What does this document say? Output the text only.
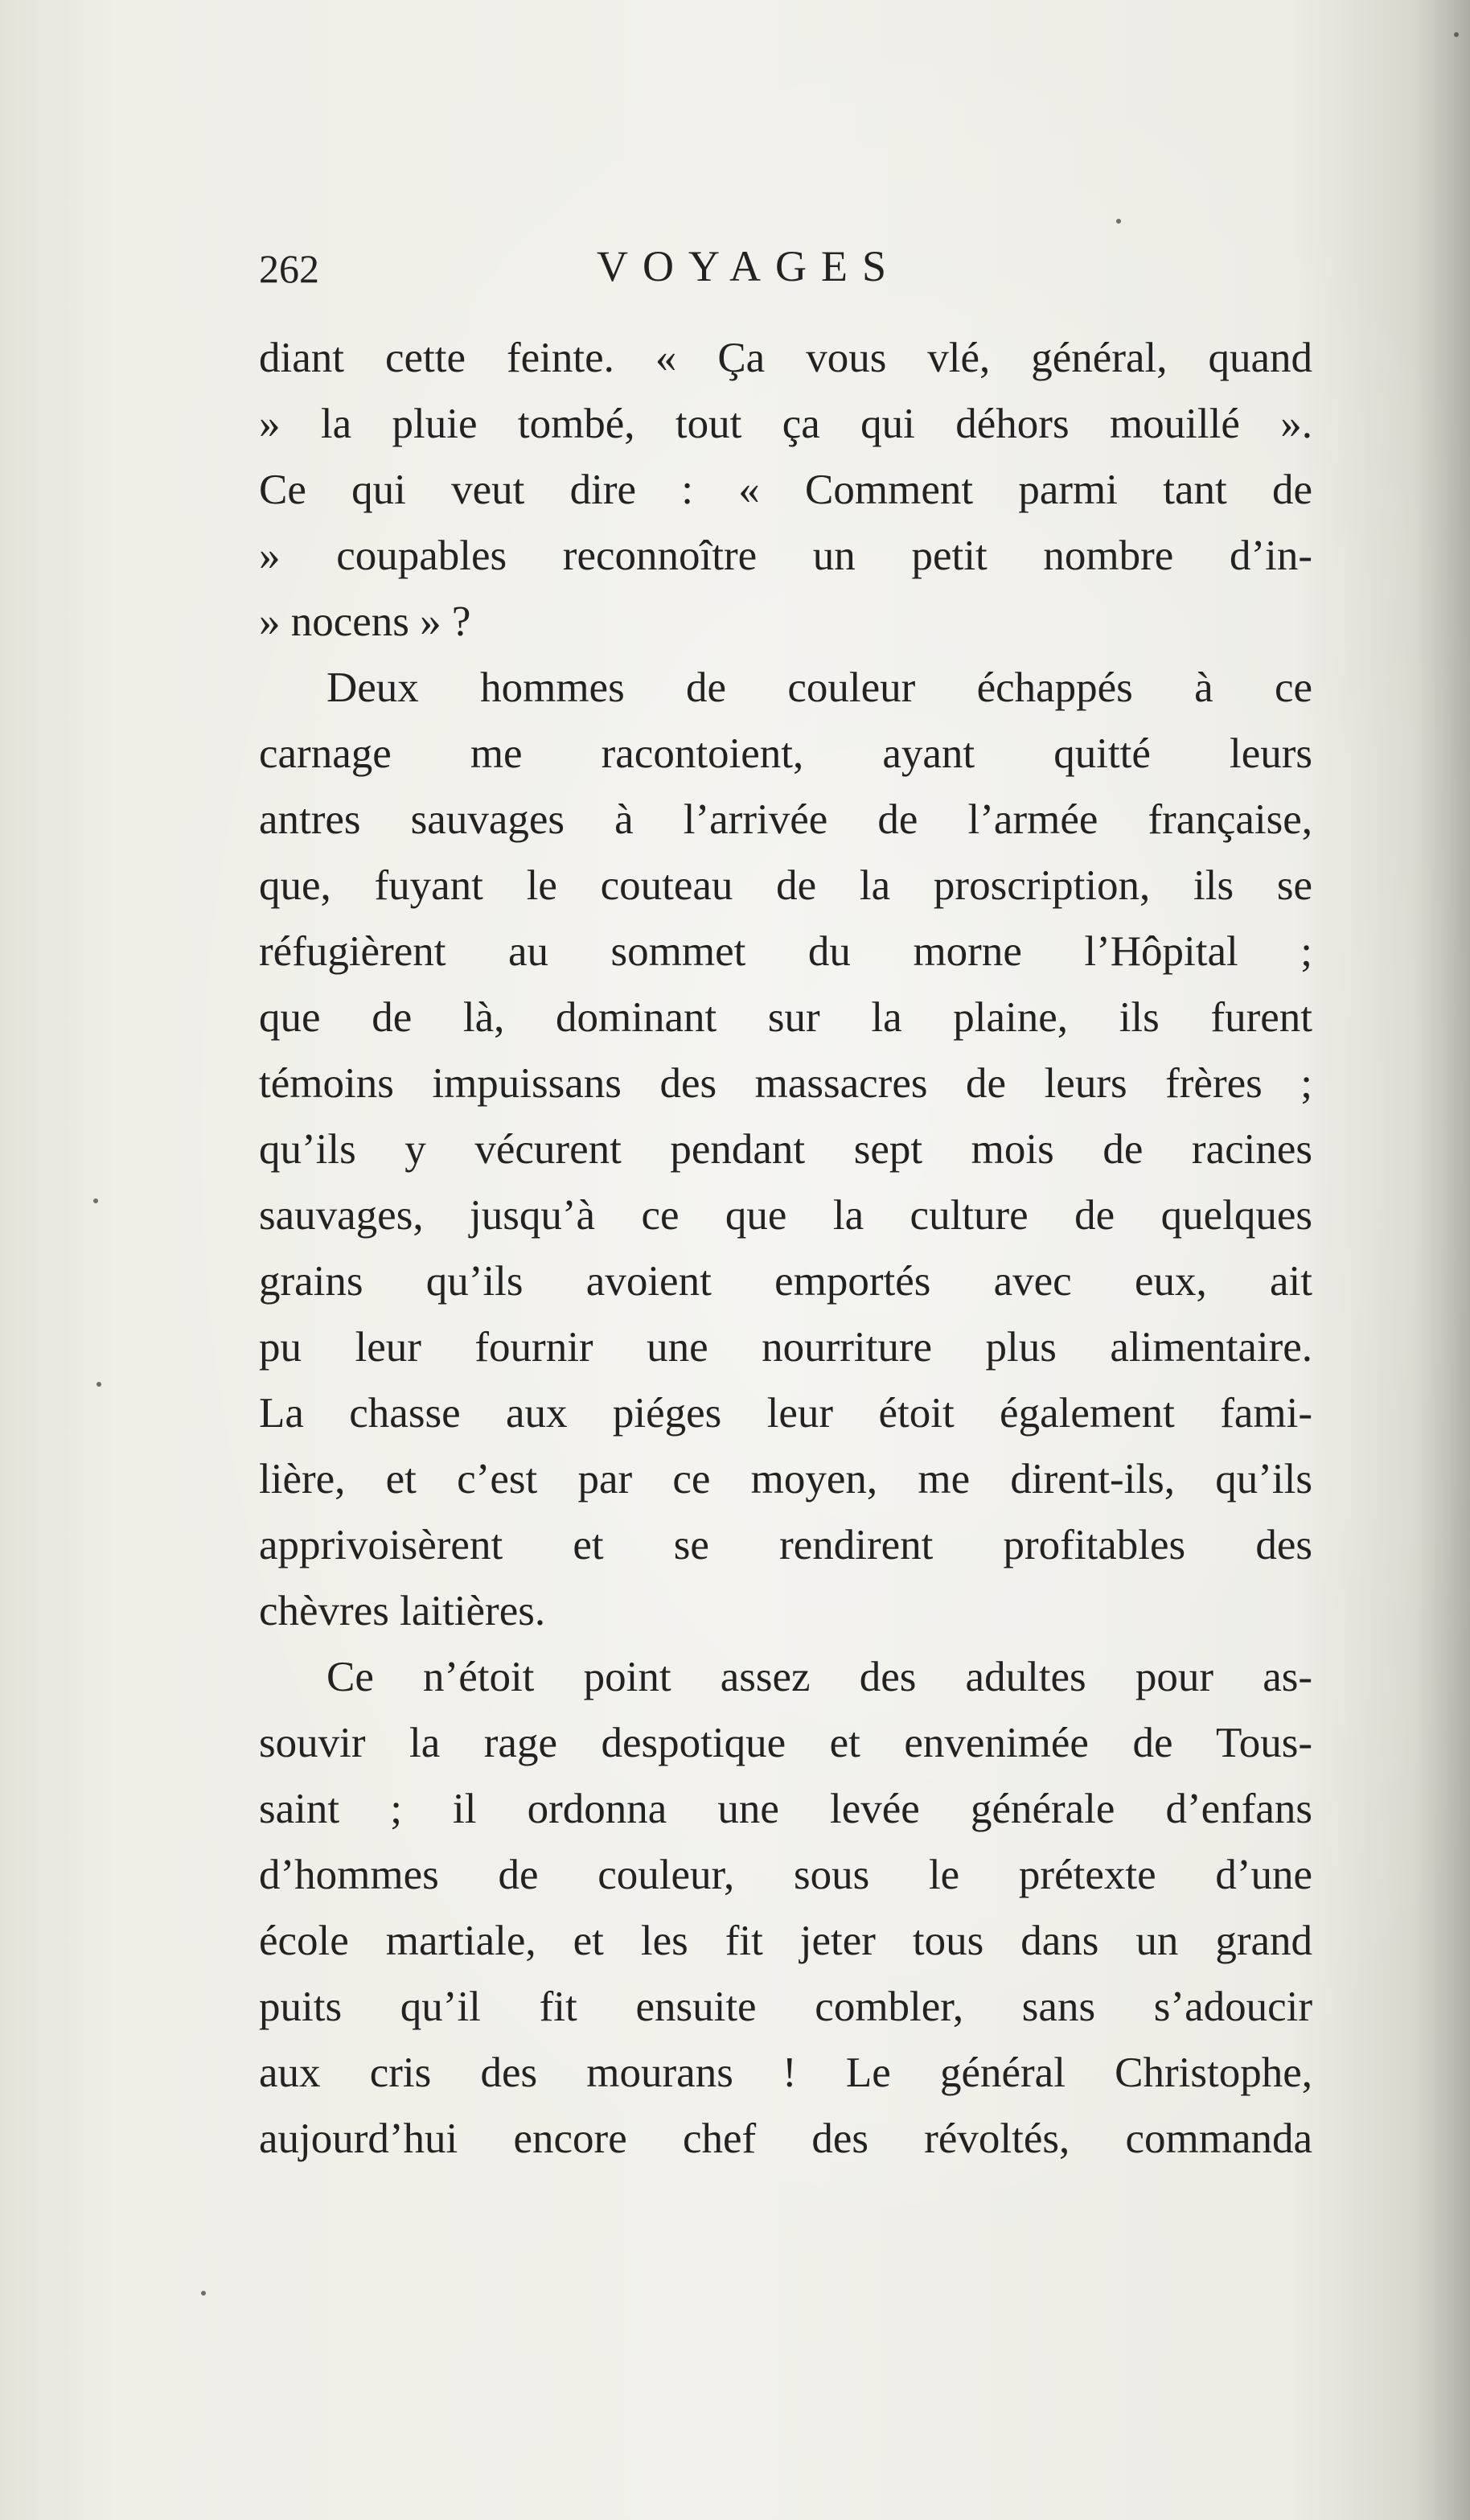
262	VOYAGES
diant cette feinte. « Ça vous vlé, général, quand
» la pluie tombé, tout ça qui déhors mouillé ».
Ce qui veut dire : « Comment parmi tant de
» coupables reconnoître un petit nombre d’in-
» nocens » ?
Deux hommes de couleur échappés à ce
carnage me racontoient, ayant quitté leurs
antres sauvages à l’arrivée de l’armée française,
que, fuyant le couteau de la proscription, ils se
réfugièrent au sommet du morne l’Hôpital ;
que de là, dominant sur la plaine, ils furent
témoins impuissans des massacres de leurs frères ;
qu’ils y vécurent pendant sept mois de racines
sauvages, jusqu’à ce que la culture de quelques
grains qu’ils avoient emportés avec eux, ait
pu leur fournir une nourriture plus alimentaire.
La chasse aux piéges leur étoit également fami-
lière, et c’est par ce moyen, me dirent-ils, qu’ils
apprivoisèrent et se rendirent profitables des
chèvres laitières.
Ce n’étoit point assez des adultes pour as-
souvir la rage despotique et envenimée de Tous-
saint ; il ordonna une levée générale d’enfans
d’hommes de couleur, sous le prétexte d’une
école martiale, et les fit jeter tous dans un grand
puits qu’il fit ensuite combler, sans s’adoucir
aux cris des mourans ! Le général Christophe,
aujourd’hui encore chef des révoltés, commanda
